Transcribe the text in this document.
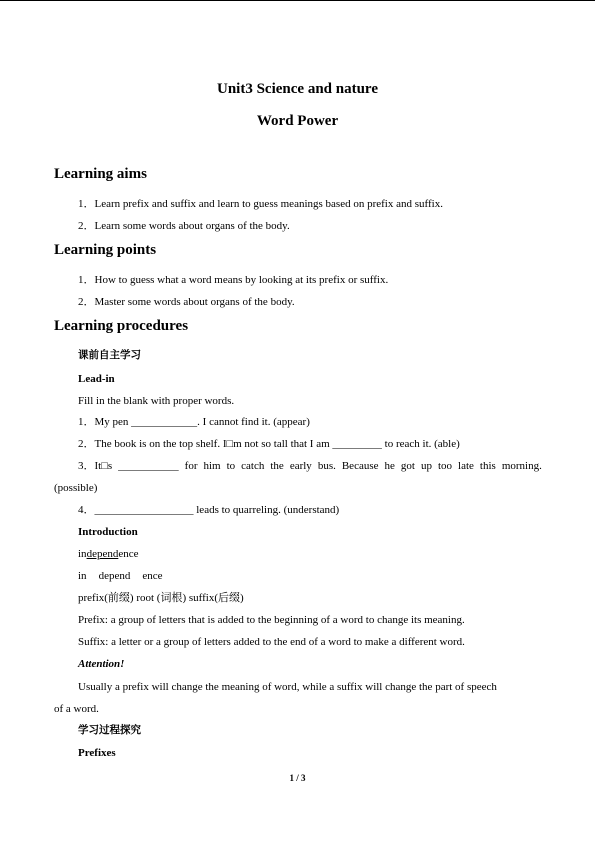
Unit3 Science and nature
Word Power
Learning aims
1．Learn prefix and suffix and learn to guess meanings based on prefix and suffix.
2．Learn some words about organs of the body.
Learning points
1．How to guess what a word means by looking at its prefix or suffix.
2．Master some words about organs of the body.
Learning procedures
课前自主学习
Lead-in
Fill in the blank with proper words.
1．My pen ____________. I cannot find it. (appear)
2．The book is on the top shelf. I□m not so tall that I am _________ to reach it. (able)
3．It□s ___________ for him to catch the early bus. Because he got up too late this morning.
(possible)
4．__________________ leads to quarreling. (understand)
Introduction
independence
in depend ence
prefix(前缀) root (词根) suffix(后缀)
Prefix: a group of letters that is added to the beginning of a word to change its meaning.
Suffix: a letter or a group of letters added to the end of a word to make a different word.
Attention!
Usually a prefix will change the meaning of word, while a suffix will change the part of speech
of a word.
学习过程探究
Prefixes
1 / 3
